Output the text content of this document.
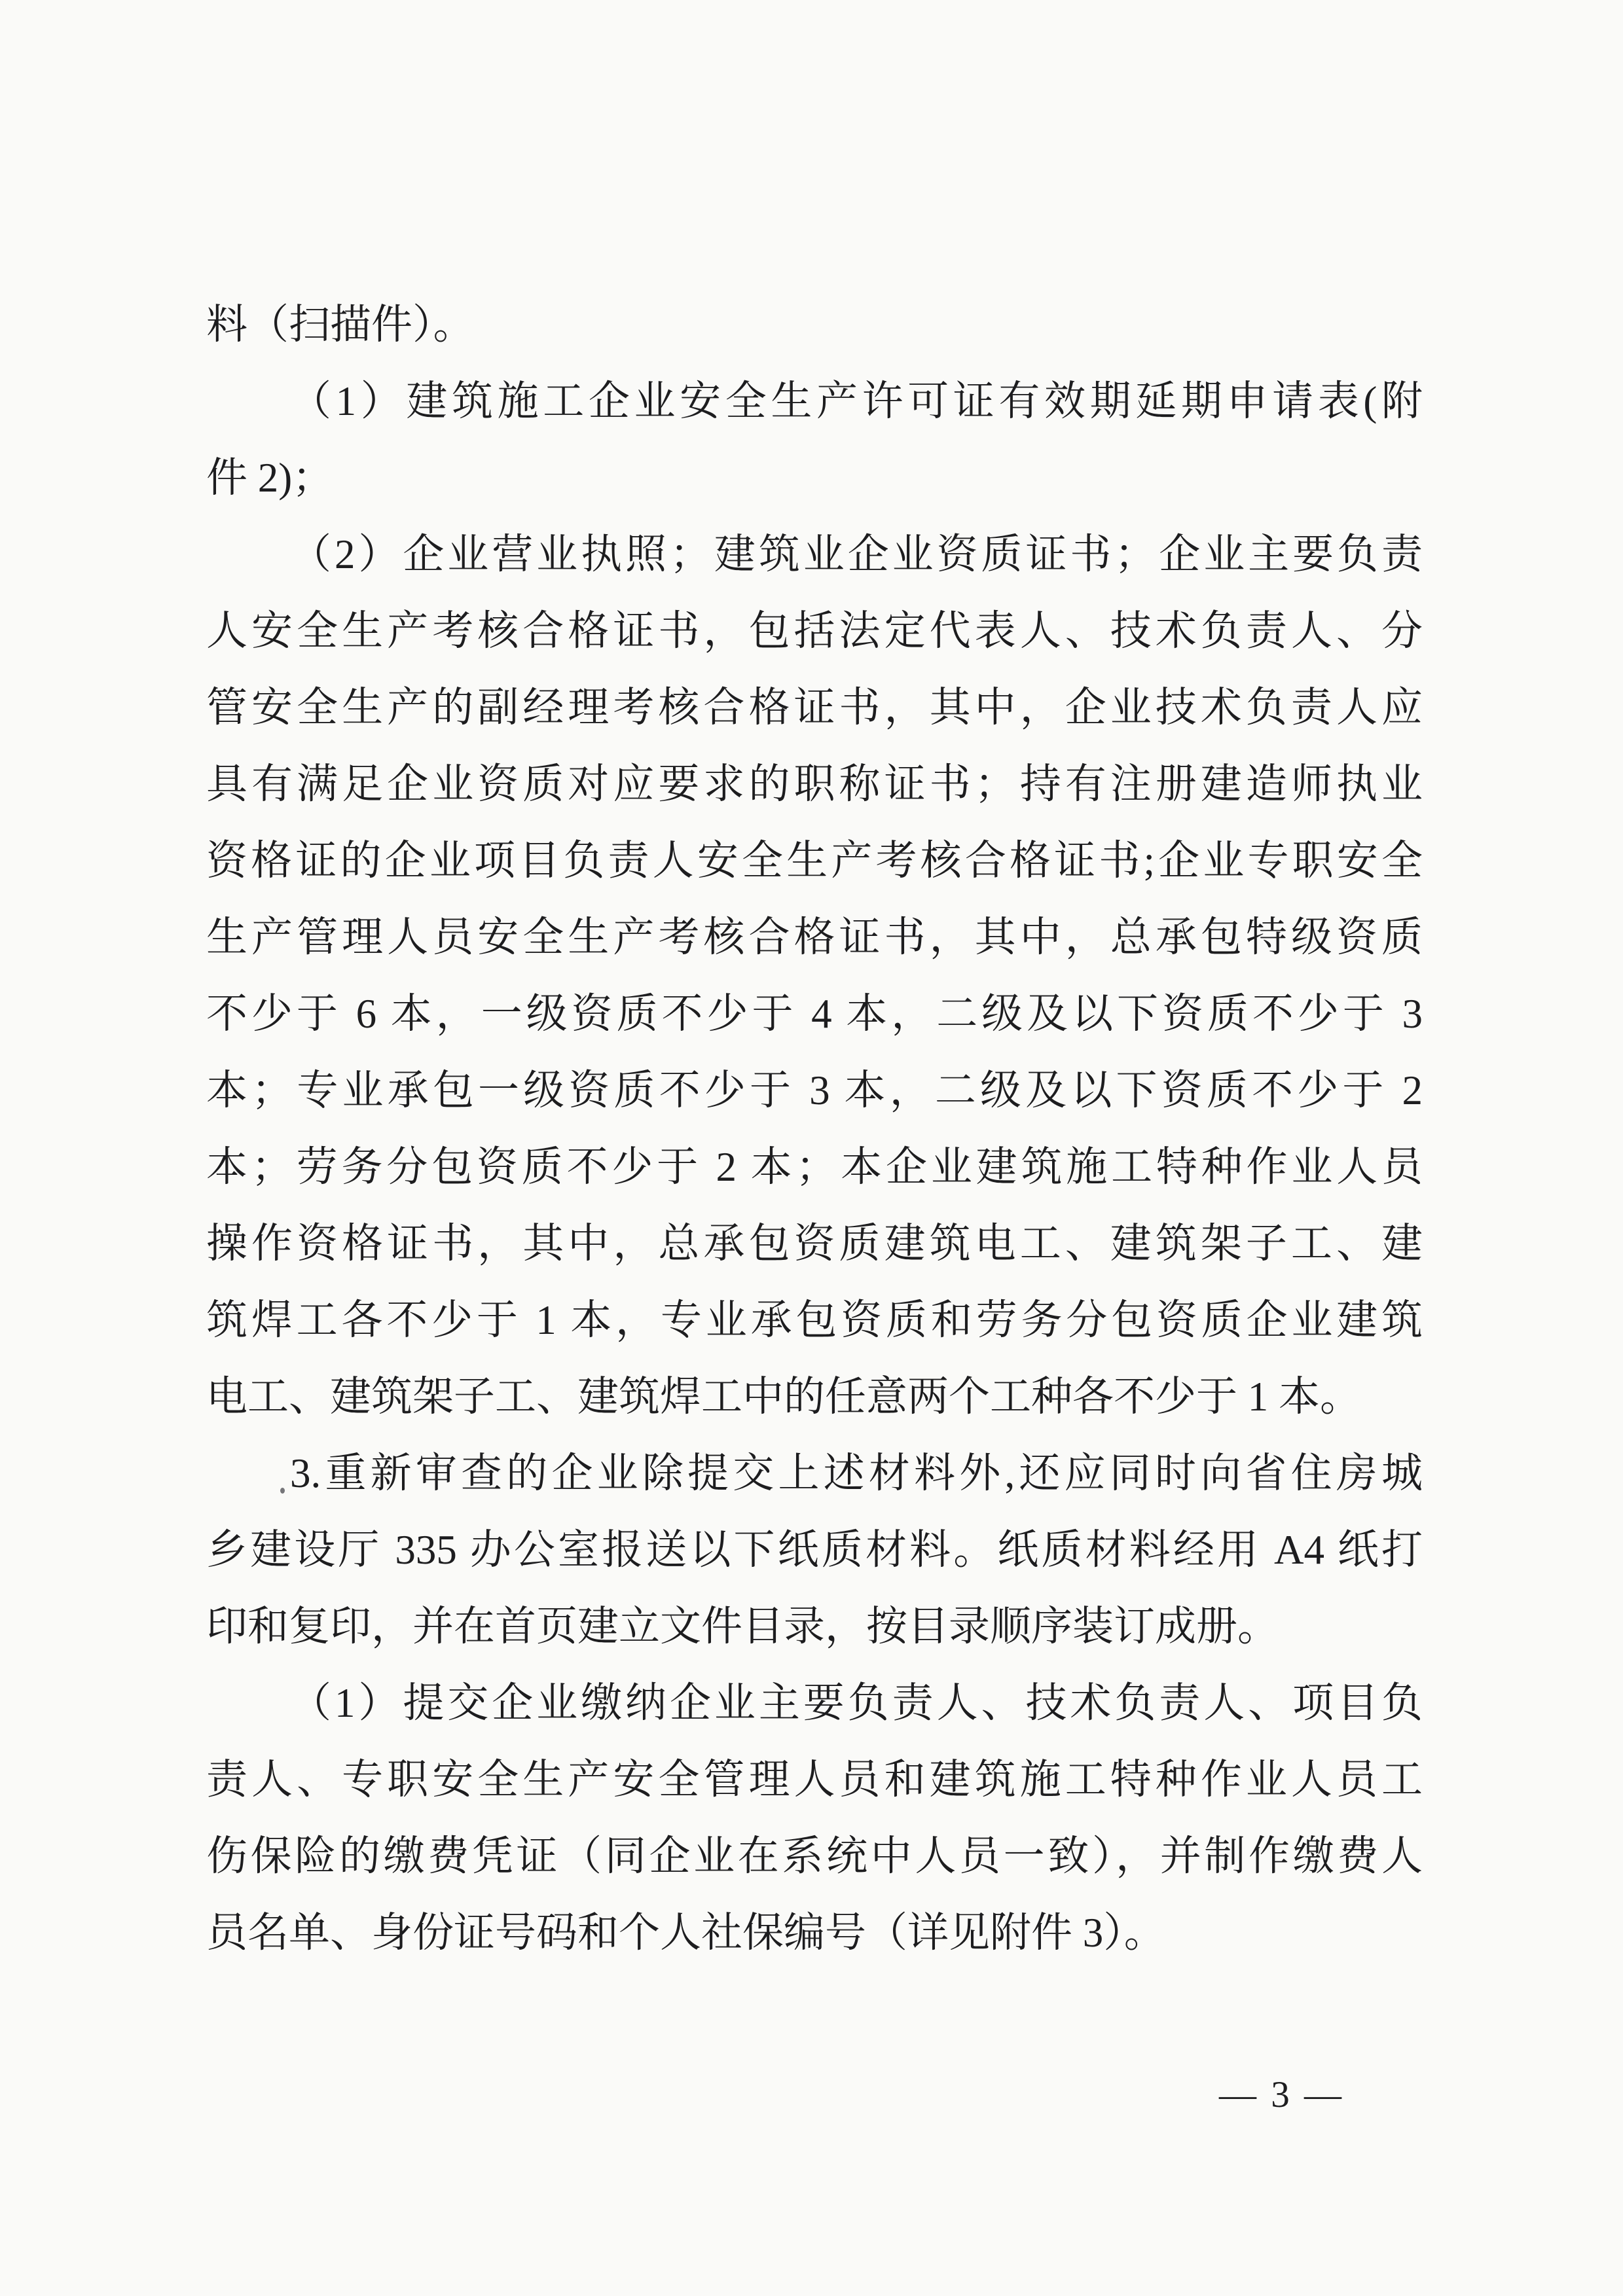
料（扫描件）。
（1）建筑施工企业安全生产许可证有效期延期申请表(附
件 2)；
（2）企业营业执照；建筑业企业资质证书；企业主要负责
人安全生产考核合格证书，包括法定代表人、技术负责人、分
管安全生产的副经理考核合格证书，其中，企业技术负责人应
具有满足企业资质对应要求的职称证书；持有注册建造师执业
资格证的企业项目负责人安全生产考核合格证书;企业专职安全
生产管理人员安全生产考核合格证书，其中，总承包特级资质
不少于 6 本，一级资质不少于 4 本，二级及以下资质不少于 3
本；专业承包一级资质不少于 3 本，二级及以下资质不少于 2
本；劳务分包资质不少于 2 本；本企业建筑施工特种作业人员
操作资格证书，其中，总承包资质建筑电工、建筑架子工、建
筑焊工各不少于 1 本，专业承包资质和劳务分包资质企业建筑
电工、建筑架子工、建筑焊工中的任意两个工种各不少于 1 本。
3.重新审查的企业除提交上述材料外,还应同时向省住房城
乡建设厅 335 办公室报送以下纸质材料。纸质材料经用 A4 纸打
印和复印，并在首页建立文件目录，按目录顺序装订成册。
（1）提交企业缴纳企业主要负责人、技术负责人、项目负
责人、专职安全生产安全管理人员和建筑施工特种作业人员工
伤保险的缴费凭证（同企业在系统中人员一致），并制作缴费人
员名单、身份证号码和个人社保编号（详见附件 3）。
— 3 —
